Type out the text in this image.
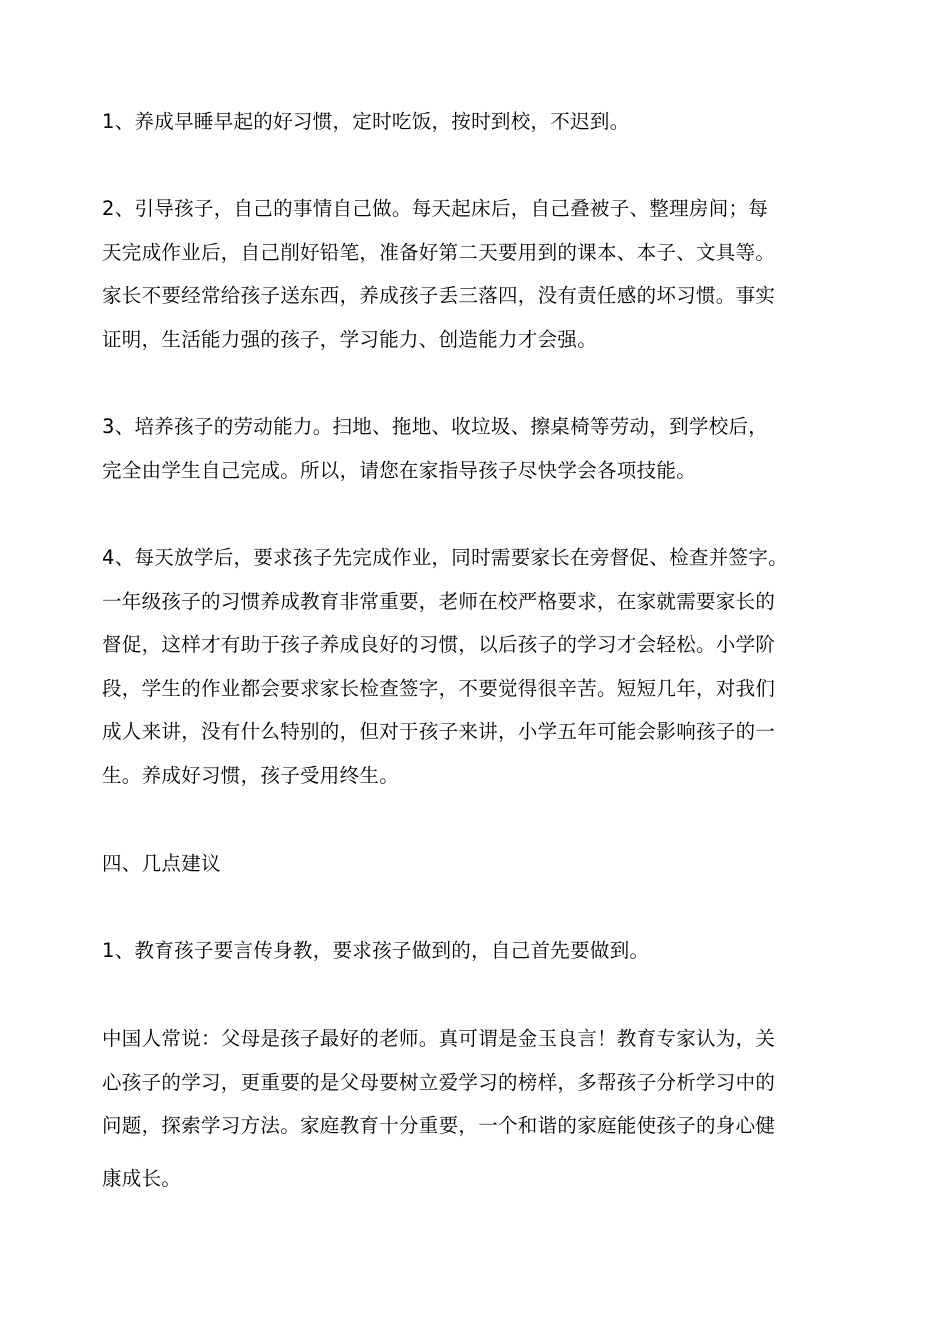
1、养成早睡早起的好习惯，定时吃饭，按时到校，不迟到。

2、引导孩子，自己的事情自己做。每天起床后，自己叠被子、整理房间；每
天完成作业后，自己削好铅笔，准备好第二天要用到的课本、本子、文具等。
家长不要经常给孩子送东西，养成孩子丢三落四，没有责任感的坏习惯。事实
证明，生活能力强的孩子，学习能力、创造能力才会强。

3、培养孩子的劳动能力。扫地、拖地、收垃圾、擦桌椅等劳动，到学校后，
完全由学生自己完成。所以，请您在家指导孩子尽快学会各项技能。

4、每天放学后，要求孩子先完成作业，同时需要家长在旁督促、检查并签字。
一年级孩子的习惯养成教育非常重要，老师在校严格要求，在家就需要家长的
督促，这样才有助于孩子养成良好的习惯，以后孩子的学习才会轻松。小学阶
段，学生的作业都会要求家长检查签字，不要觉得很辛苦。短短几年，对我们
成人来讲，没有什么特别的，但对于孩子来讲，小学五年可能会影响孩子的一
生。养成好习惯，孩子受用终生。

四、几点建议

1、教育孩子要言传身教，要求孩子做到的，自己首先要做到。

中国人常说：父母是孩子最好的老师。真可谓是金玉良言！教育专家认为，关
心孩子的学习，更重要的是父母要树立爱学习的榜样，多帮孩子分析学习中的
问题，探索学习方法。家庭教育十分重要，一个和谐的家庭能使孩子的身心健

康成长。
